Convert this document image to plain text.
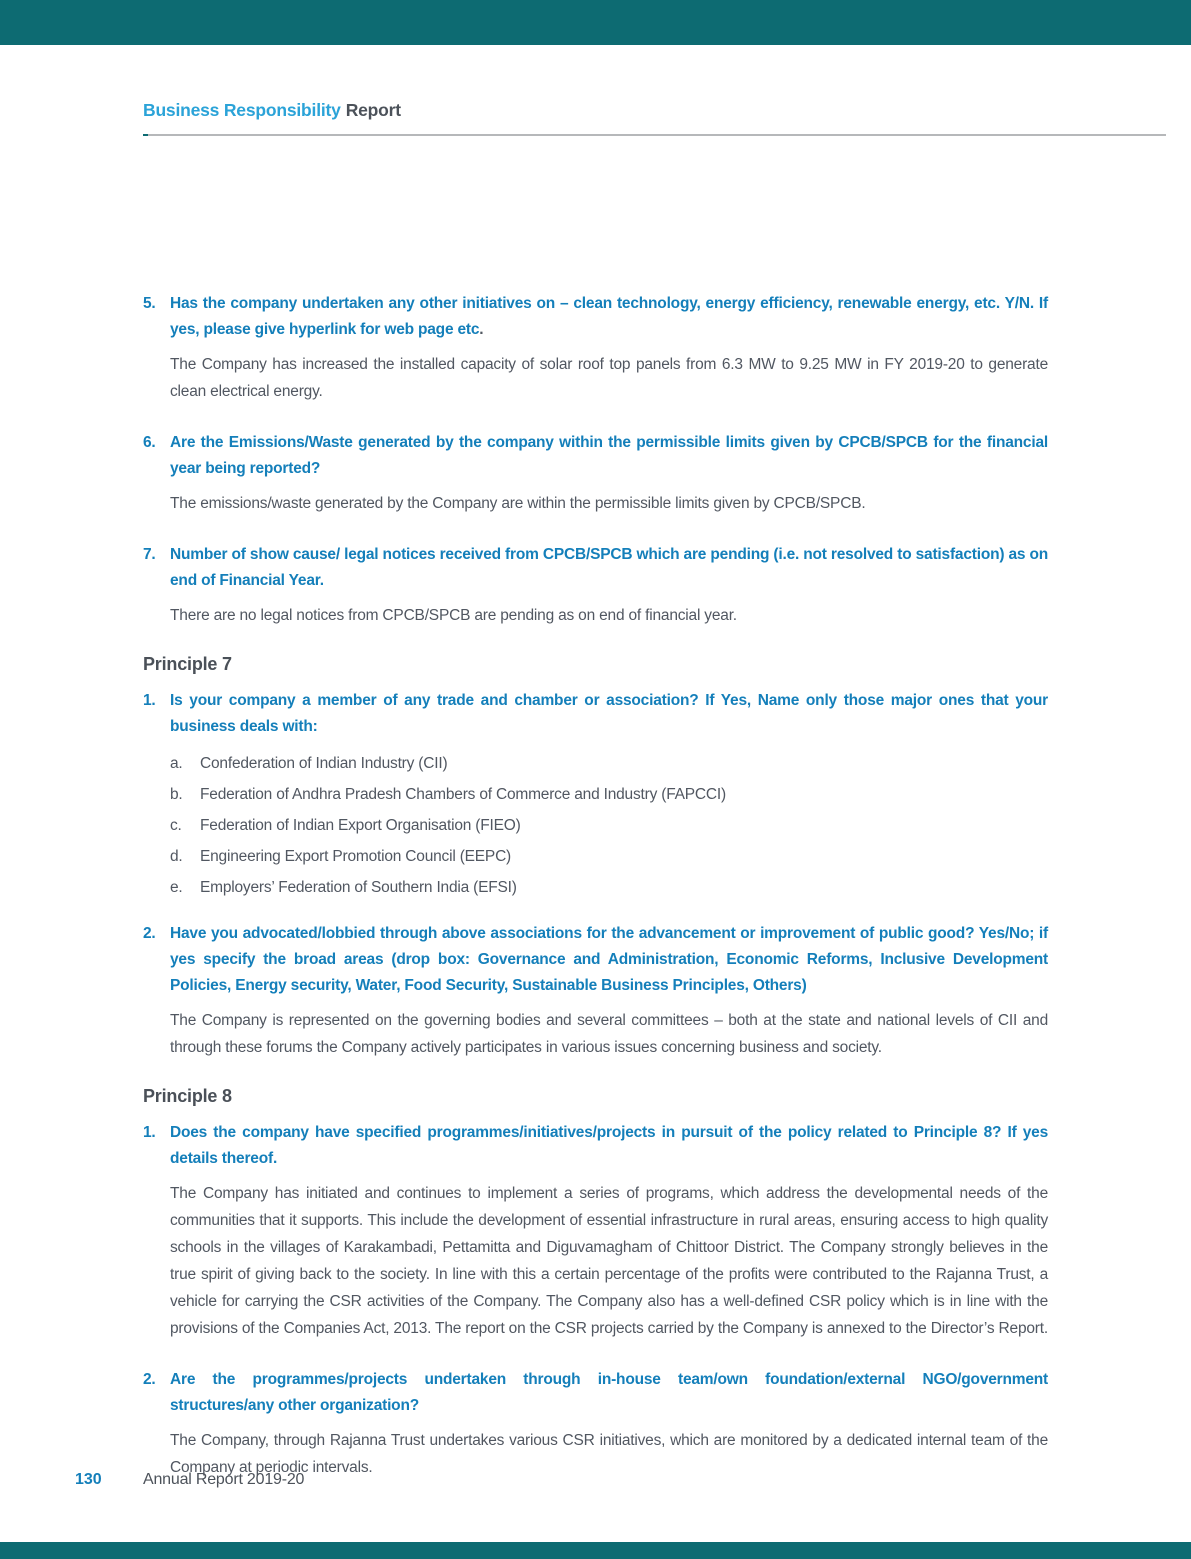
Business Responsibility Report
5. Has the company undertaken any other initiatives on – clean technology, energy efficiency, renewable energy, etc. Y/N. If yes, please give hyperlink for web page etc.

The Company has increased the installed capacity of solar roof top panels from 6.3 MW to 9.25 MW in FY 2019-20 to generate clean electrical energy.

6. Are the Emissions/Waste generated by the company within the permissible limits given by CPCB/SPCB for the financial year being reported?

The emissions/waste generated by the Company are within the permissible limits given by CPCB/SPCB.

7. Number of show cause/ legal notices received from CPCB/SPCB which are pending (i.e. not resolved to satisfaction) as on end of Financial Year.

There are no legal notices from CPCB/SPCB are pending as on end of financial year.

Principle 7
1. Is your company a member of any trade and chamber or association? If Yes, Name only those major ones that your business deals with:
a.	Confederation of Indian Industry (CII)
b.	Federation of Andhra Pradesh Chambers of Commerce and Industry (FAPCCI)
c.	Federation of Indian Export Organisation (FIEO)
d.	Engineering Export Promotion Council (EEPC)
e.	Employers’ Federation of Southern India (EFSI)
2. Have you advocated/lobbied through above associations for the advancement or improvement of public good? Yes/No; if yes specify the broad areas (drop box: Governance and Administration, Economic Reforms, Inclusive Development Policies, Energy security, Water, Food Security, Sustainable Business Principles, Others)

The Company is represented on the governing bodies and several committees – both at the state and national levels of CII and through these forums the Company actively participates in various issues concerning business and society.

Principle 8
1. Does the company have specified programmes/initiatives/projects in pursuit of the policy related to Principle 8? If yes details thereof.

The Company has initiated and continues to implement a series of programs, which address the developmental needs of the communities that it supports. This include the development of essential infrastructure in rural areas, ensuring access to high quality schools in the villages of Karakambadi, Pettamitta and Diguvamagham of Chittoor District. The Company strongly believes in the true spirit of giving back to the society. In line with this a certain percentage of the profits were contributed to the Rajanna Trust, a vehicle for carrying the CSR activities of the Company. The Company also has a well-defined CSR policy which is in line with the provisions of the Companies Act, 2013. The report on the CSR projects carried by the Company is annexed to the Director’s Report.

2. Are the programmes/projects undertaken through in-house team/own foundation/external NGO/government structures/any other organization?

The Company, through Rajanna Trust undertakes various CSR initiatives, which are monitored by a dedicated internal team of the Company at periodic intervals.

130	Annual Report 2019-20
